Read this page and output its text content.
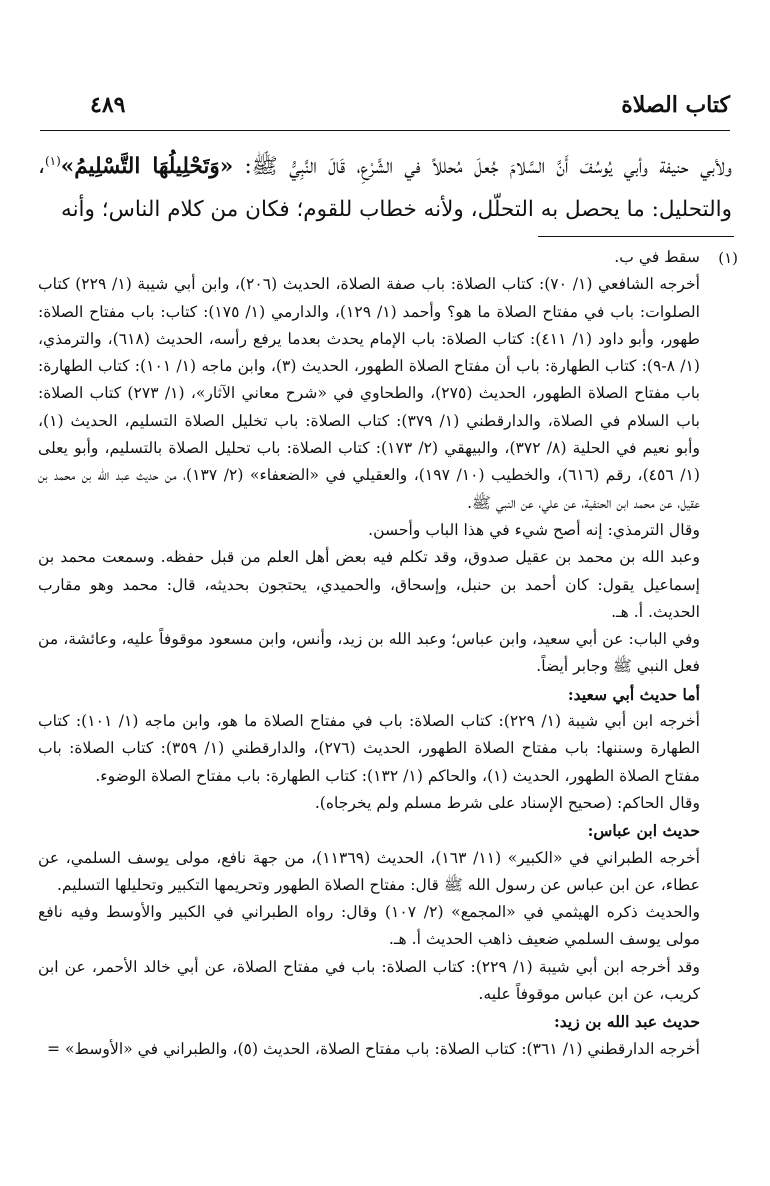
٤٨٩	كتاب الصلاة
ولأبي حنيفة وأبي يُوسُفَ أَنَّ السَّلامَ جُعلَ مُحللاً في الشَّرْعِ، قَالَ النَّبِيُّ ﷺ: «وَتَحْلِيلُهَا التَّسْلِيمُ»$^{(١)}$، والتحليل: ما يحصل به التحلّل، ولأنه خطاب للقوم؛ فكان من كلام الناس؛ وأنه
(١)

سقط في ب.

أخرجه الشافعي (١/ ٧٠): كتاب الصلاة: باب صفة الصلاة، الحديث (٢٠٦)، وابن أبي شيبة (١/ ٢٢٩) كتاب الصلوات: باب في مفتاح الصلاة ما هو؟ وأحمد (١/ ١٢٩)، والدارمي (١/ ١٧٥): كتاب: باب مفتاح الصلاة: طهور، وأبو داود (١/ ٤١١): كتاب الصلاة: باب الإمام يحدث بعدما يرفع رأسه، الحديث (٦١٨)، والترمذي، (١/ ٨-٩): كتاب الطهارة: باب أن مفتاح الصلاة الطهور، الحديث (٣)، وابن ماجه (١/ ١٠١): كتاب الطهارة: باب مفتاح الصلاة الطهور، الحديث (٢٧٥)، والطحاوي في «شرح معاني الآثار»، (١/ ٢٧٣) كتاب الصلاة: باب السلام في الصلاة، والدارقطني (١/ ٣٧٩): كتاب الصلاة: باب تخليل الصلاة التسليم، الحديث (١)، وأبو نعيم في الحلية (٨/ ٣٧٢)، والبيهقي (٢/ ١٧٣): كتاب الصلاة: باب تحليل الصلاة بالتسليم، وأبو يعلى (١/ ٤٥٦)، رقم (٦١٦)، والخطيب (١٠/ ١٩٧)، والعقيلي في «الضعفاء» (٢/ ١٣٧)، من حديث عبد الله بن محمد بن عقيل، عن محمد ابن الحنفية، عن علي، عن النبي ﷺ.

وقال الترمذي: إنه أصح شيء في هذا الباب وأحسن.

وعبد الله بن محمد بن عقيل صدوق، وقد تكلم فيه بعض أهل العلم من قبل حفظه. وسمعت محمد بن إسماعيل يقول: كان أحمد بن حنبل، وإسحاق، والحميدي، يحتجون بحديثه، قال: محمد وهو مقارب الحديث. أ. هـ.

وفي الباب: عن أبي سعيد، وابن عباس؛ وعبد الله بن زيد، وأنس، وابن مسعود موقوفاً عليه، وعائشة، من فعل النبي ﷺ وجابر أيضاً.

أما حديث أبي سعيد:

أخرجه ابن أبي شيبة (١/ ٢٢٩): كتاب الصلاة: باب في مفتاح الصلاة ما هو، وابن ماجه (١/ ١٠١): كتاب الطهارة وسننها: باب مفتاح الصلاة الطهور، الحديث (٢٧٦)، والدارقطني (١/ ٣٥٩): كتاب الصلاة: باب مفتاح الصلاة الطهور، الحديث (١)، والحاكم (١/ ١٣٢): كتاب الطهارة: باب مفتاح الصلاة الوضوء.

وقال الحاكم: (صحيح الإسناد على شرط مسلم ولم يخرجاه).

حديث ابن عباس:

أخرجه الطبراني في «الكبير» (١١/ ١٦٣)، الحديث (١١٣٦٩)، من جهة نافع، مولى يوسف السلمي، عن عطاء، عن ابن عباس عن رسول الله ﷺ قال: مفتاح الصلاة الطهور وتحريمها التكبير وتحليلها التسليم.

والحديث ذكره الهيثمي في «المجمع» (٢/ ١٠٧) وقال: رواه الطبراني في الكبير والأوسط وفيه نافع مولى يوسف السلمي ضعيف ذاهب الحديث أ. هـ.

وقد أخرجه ابن أبي شيبة (١/ ٢٢٩): كتاب الصلاة: باب في مفتاح الصلاة، عن أبي خالد الأحمر، عن ابن كريب، عن ابن عباس موقوفاً عليه.

حديث عبد الله بن زيد:

أخرجه الدارقطني (١/ ٣٦١): كتاب الصلاة: باب مفتاح الصلاة، الحديث (٥)، والطبراني في «الأوسط» =
